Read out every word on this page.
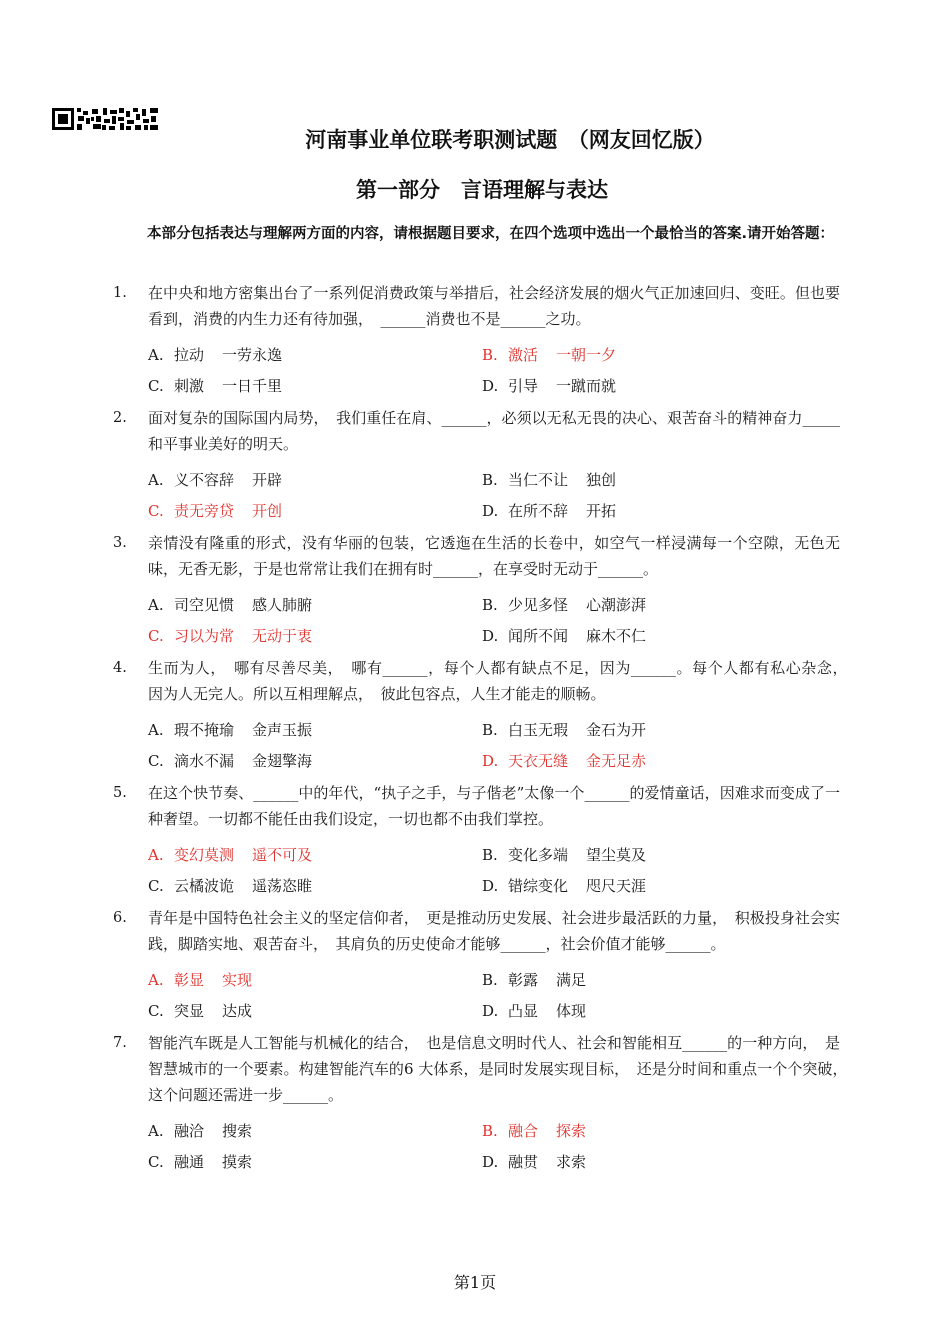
河南事业单位联考职测试题　（网友回忆版）
第一部分　言语理解与表达
本部分包括表达与理解两方面的内容，请根据题目要求，在四个选项中选出一个最恰当的答案.请开始答题：
1. 在中央和地方密集出台了一系列促消费政策与举措后，社会经济发展的烟火气正加速回归、变旺。但也要看到，消费的内生力还有待加强，　______消费也不是______之功。
A. 拉动 一劳永逸	B. 激活 一朝一夕
C. 刺激 一日千里	D. 引导 一蹴而就
2. 面对复杂的国际国内局势，　我们重任在肩、______，必须以无私无畏的决心、艰苦奋斗的精神奋力_____和平事业美好的明天。
A. 义不容辞 开辟	B. 当仁不让 独创
C. 责无旁贷 开创	D. 在所不辞 开拓
3. 亲情没有隆重的形式，没有华丽的包装，它透迤在生活的长卷中，如空气一样浸满每一个空隙，无色无味，无香无影，于是也常常让我们在拥有时______，在享受时无动于______。
A. 司空见惯 感人肺腑	B. 少见多怪 心潮澎湃
C. 习以为常 无动于衷	D. 闻所不闻 麻木不仁
4. 生而为人，　哪有尽善尽美，　哪有______，每个人都有缺点不足，因为______。每个人都有私心杂念，　因为人无完人。所以互相理解点，　彼此包容点，人生才能走的顺畅。
A. 瑕不掩瑜 金声玉振	B. 白玉无瑕 金石为开
C. 滴水不漏 金翅擎海	D. 天衣无缝 金无足赤
5. 在这个快节奏、______中的年代，“执子之手，与子偕老”太像一个______的爱情童话，因难求而变成了一种奢望。一切都不能任由我们设定，一切也都不由我们掌控。
A. 变幻莫测 遥不可及	B. 变化多端 望尘莫及
C. 云橘波诡 遥荡恣睢	D. 错综变化 咫尺天涯
6. 青年是中国特色社会主义的坚定信仰者，　更是推动历史发展、社会进步最活跃的力量，　积极投身社会实践，脚踏实地、艰苦奋斗，　其肩负的历史使命才能够______，社会价值才能够______。
A. 彰显 实现	B. 彰露 满足
C. 突显 达成	D. 凸显 体现
7. 智能汽车既是人工智能与机械化的结合，　也是信息文明时代人、社会和智能相互______的一种方向，　是智慧城市的一个要素。构建智能汽车的6 大体系，是同时发展实现目标，　还是分时间和重点一个个突破，　这个问题还需进一步______。
A. 融洽 搜索	B. 融合 探索
C. 融通 摸索	D. 融贯 求索
第1页
